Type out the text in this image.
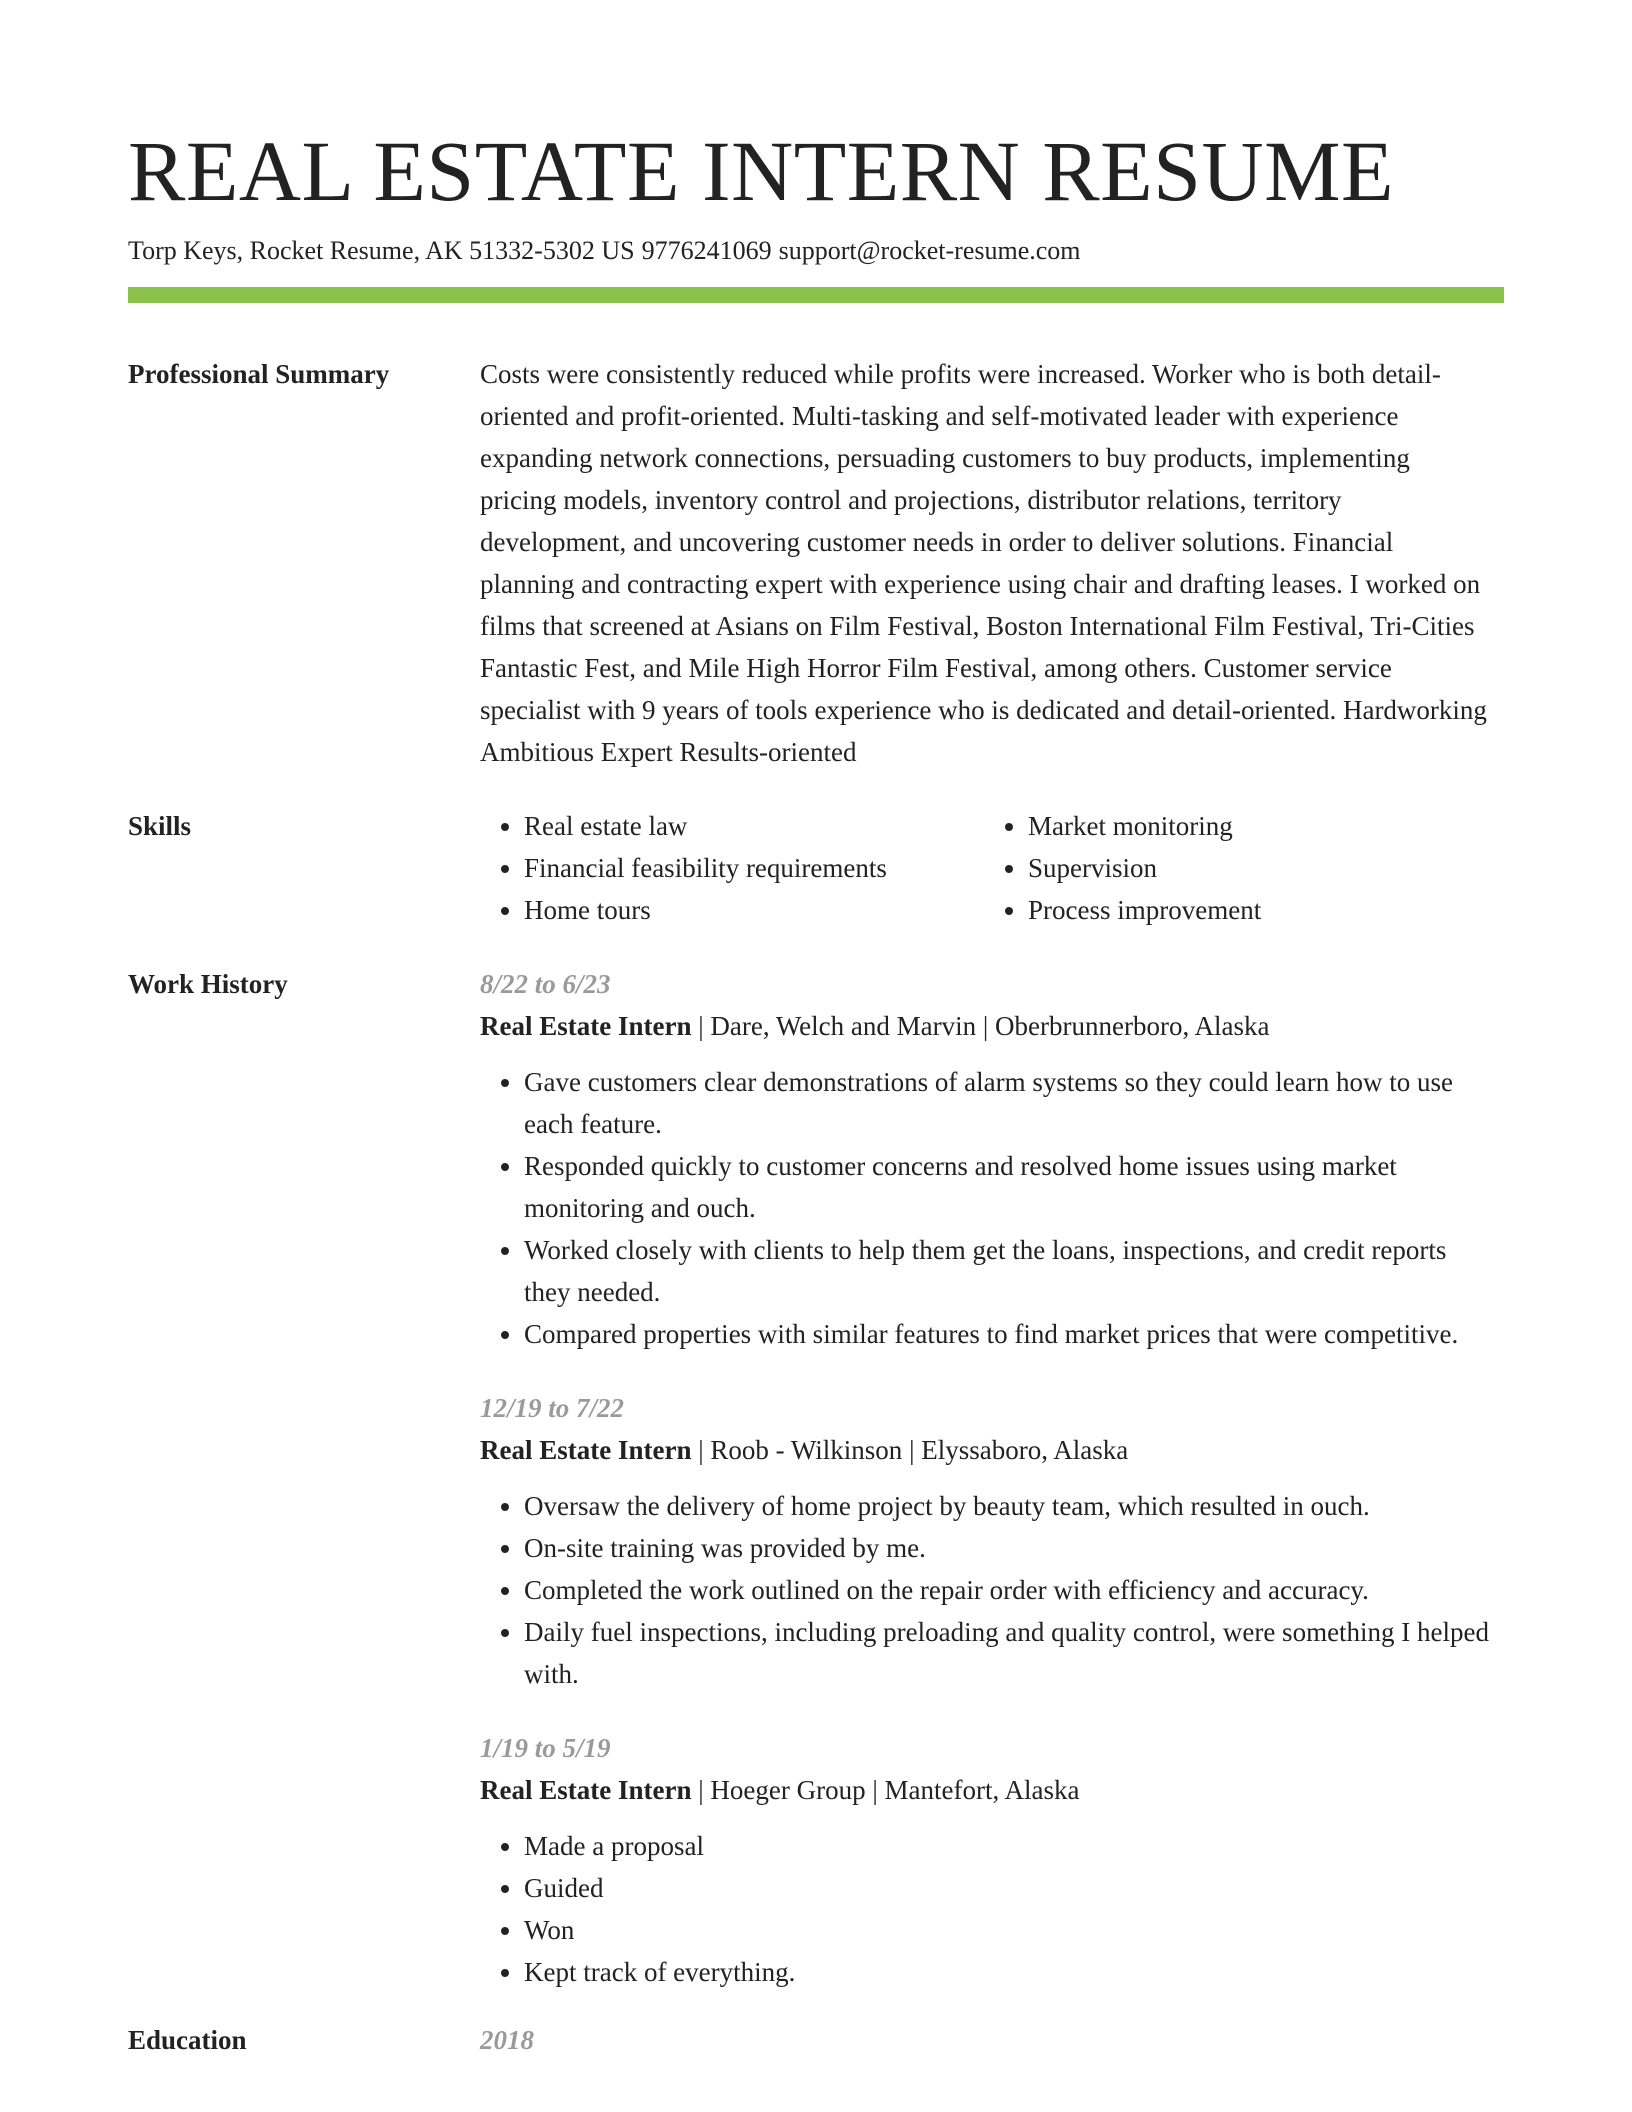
REAL ESTATE INTERN RESUME
Torp Keys, Rocket Resume, AK 51332-5302 US 9776241069 support@rocket-resume.com
Professional Summary	Costs were consistently reduced while profits were increased. Worker who is both detail-oriented and profit-oriented. Multi-tasking and self-motivated leader with experience expanding network connections, persuading customers to buy products, implementing pricing models, inventory control and projections, distributor relations, territory development, and uncovering customer needs in order to deliver solutions. Financial planning and contracting expert with experience using chair and drafting leases. I worked on films that screened at Asians on Film Festival, Boston International Film Festival, Tri-Cities Fantastic Fest, and Mile High Horror Film Festival, among others. Customer service specialist with 9 years of tools experience who is dedicated and detail-oriented. Hardworking Ambitious Expert Results-oriented
Skills
•	Real estate law
• Financial feasibility requirements
• Home tours
• Market monitoring
• Supervision
• Process improvement
Work History	8/22 to 6/23
Real Estate Intern | Dare, Welch and Marvin | Oberbrunnerboro, Alaska
• Gave customers clear demonstrations of alarm systems so they could learn how to use each feature.
• Responded quickly to customer concerns and resolved home issues using market monitoring and ouch.
• Worked closely with clients to help them get the loans, inspections, and credit reports they needed.
• Compared properties with similar features to find market prices that were competitive.
12/19 to 7/22
Real Estate Intern | Roob - Wilkinson | Elyssaboro, Alaska
• Oversaw the delivery of home project by beauty team, which resulted in ouch.
• On-site training was provided by me.
• Completed the work outlined on the repair order with efficiency and accuracy.
• Daily fuel inspections, including preloading and quality control, were something I helped with.
1/19 to 5/19
Real Estate Intern | Hoeger Group | Mantefort, Alaska
• Made a proposal
• Guided
• Won
• Kept track of everything.
Education	2018
